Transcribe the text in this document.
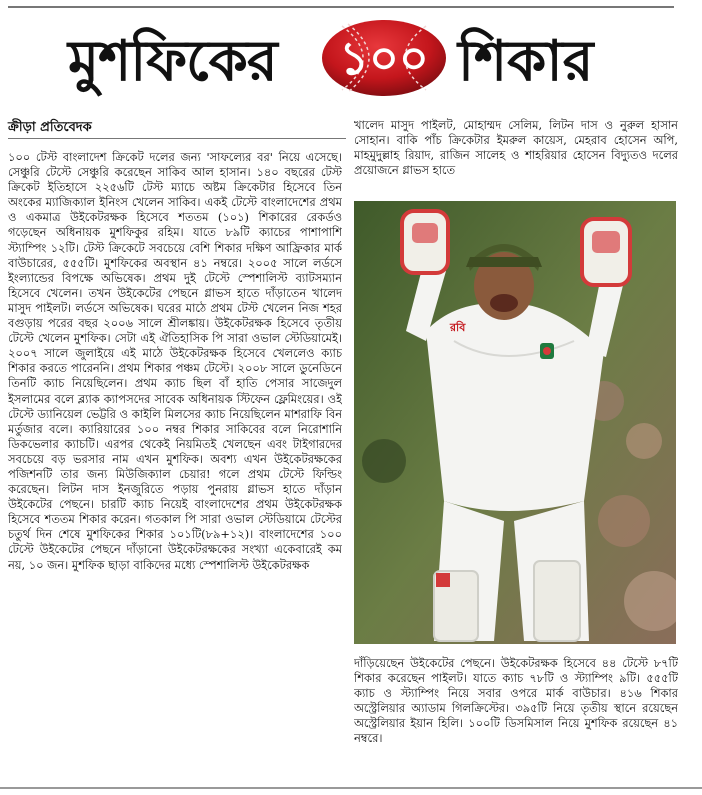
মুশফিকের	১০০ শিকার
ক্রীড়া প্রতিবেদক

১০০ টেস্ট বাংলাদেশ ক্রিকেট দলের জন্য 'সাফল্যের বর' নিয়ে এসেছে। সেঞ্চুরি টেস্টে সেঞ্চুরি করেছেন সাকিব আল হাসান। ১৪০ বছরের টেস্ট ক্রিকেট ইতিহাসে ২২৫৬টি টেস্ট ম্যাচে অষ্টম ক্রিকেটার হিসেবে তিন অংকের ম্যাজিক্যাল ইনিংস খেলেন সাকিব। একই টেস্টে বাংলাদেশের প্রথম ও একমাত্র উইকেটরক্ষক হিসেবে শততম (১০১) শিকারের রেকর্ডও গড়েছেন অধিনায়ক মুশফিকুর রহিম। যাতে ৮৯টি ক্যাচের পাশাপাশি স্ট্যাম্পিং ১২টি। টেস্ট ক্রিকেটে সবচেয়ে বেশি শিকার দক্ষিণ আফ্রিকার মার্ক বাউচারের, ৫৫৫টি। মুশফিকের অবস্থান ৪১ নম্বরে। ২০০৫ সালে লর্ডসে ইংল্যান্ডের বিপক্ষে অভিষেক। প্রথম দুই টেস্টে স্পেশালিস্ট ব্যাটসম্যান হিসেবে খেলেন। তখন উইকেটের পেছনে গ্লাভস হাতে দাঁড়াতেন খালেদ মাসুদ পাইলট। লর্ডসে অভিষেক। ঘরের মাঠে প্রথম টেস্ট খেলেন নিজ শহর বগুড়ায় পরের বছর ২০০৬ সালে শ্রীলঙ্কায়। উইকেটরক্ষক হিসেবে তৃতীয় টেস্টে খেলেন মুশফিক। সেটা এই ঐতিহাসিক পি সারা ওভাল স্টেডিয়ামেই। ২০০৭ সালে জুলাইয়ে এই মাঠে উইকেটরক্ষক হিসেবে খেললেও ক্যাচ শিকার করতে পারেননি। প্রথম শিকার পঞ্চম টেস্টে। ২০০৮ সালে ডুনেডিনে তিনটি ক্যাচ নিয়েছিলেন। প্রথম ক্যাচ ছিল বাঁ হাতি পেসার সাজেদুল ইসলামের বলে ব্ল্যাক ক্যাপসদের সাবেক অধিনায়ক স্টিফেন ফ্লেমিংয়ের। ওই টেস্টে ড্যানিয়েল ভেট্টরি ও কাইলি মিলসের ক্যাচ নিয়েছিলেন মাশরাফি বিন মর্তুজার বলে। ক্যারিয়ারের ১০০ নম্বর শিকার সাকিবের বলে নিরোশানি ডিকভেলার ক্যাচটি। এরপর থেকেই নিয়মিতই খেলছেন এবং টাইগারদের সবচেয়ে বড় ভরসার নাম এখন মুশফিক। অবশ্য এখন উইকেটরক্ষকের পজিশনটি তার জন্য মিউজিক্যাল চেয়ার! গলে প্রথম টেস্টে ফিল্ডিং করেছেন। লিটন দাস ইনজুরিতে পড়ায় পুনরায় গ্লাভস হাতে দাঁড়ান উইকেটের পেছনে। চারটি ক্যাচ নিয়েই বাংলাদেশের প্রথম উইকেটরক্ষক হিসেবে শততম শিকার করেন। গতকাল পি সারা ওভাল স্টেডিয়ামে টেস্টের চতুর্থ দিন শেষে মুশফিকের শিকার ১০১টি(৮৯+১২)। বাংলাদেশের ১০০ টেস্টে উইকেটের পেছনে দাঁড়ানো উইকেটরক্ষকের সংখ্যা একেবারেই কম নয়, ১০ জন। মুশফিক ছাড়া বাকিদের মধ্যে স্পেশালিস্ট উইকেটরক্ষক

খালেদ মাসুদ পাইলট, মোহাম্মদ সেলিম, লিটন দাস ও নুরুল হাসান সোহান। বাকি পাঁচ ক্রিকেটার ইমরুল কায়েস, মেহরাব হোসেন অপি, মাহমুদুল্লাহ রিয়াদ, রাজিন সালেহ ও শাহরিয়ার হোসেন বিদ্যুতও দলের প্রয়োজনে গ্লাভস হাতে

রবি

দাঁড়িয়েছেন উইকেটের পেছনে। উইকেটরক্ষক হিসেবে ৪৪ টেস্টে ৮৭টি শিকার করেছেন পাইলট। যাতে ক্যাচ ৭৮টি ও স্ট্যাম্পিং ৯টি। ৫৫৫টি ক্যাচ ও স্ট্যাম্পিং নিয়ে সবার ওপরে মার্ক বাউচার। ৪১৬ শিকার অস্ট্রেলিয়ার অ্যাডাম গিলক্রিস্টের। ৩৯৫টি নিয়ে তৃতীয় স্থানে রয়েছেন অস্ট্রেলিয়ার ইয়ান হিলি। ১০০টি ডিসমিসাল নিয়ে মুশফিক রয়েছেন ৪১ নম্বরে।
